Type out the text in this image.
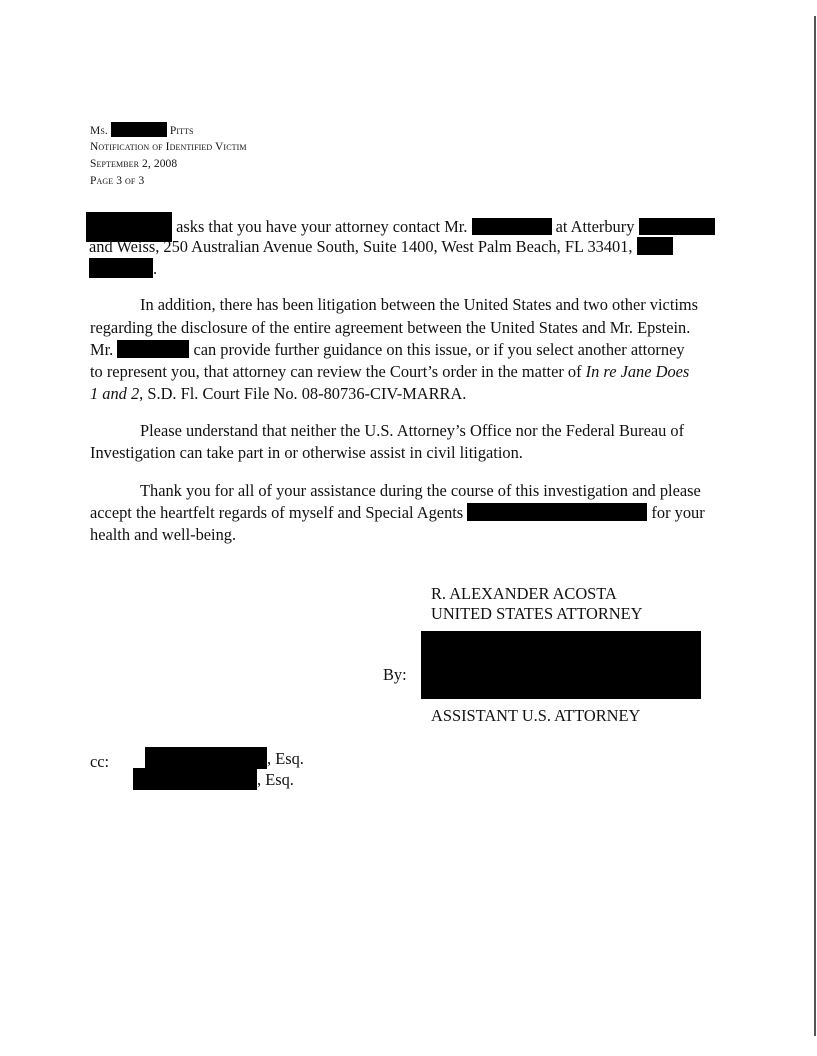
Ms.	Pitts
Notification of Identified Victim
September 2, 2008
Page 3 of 3
asks that you have your attorney contact Mr.	at Atterbury
and Weiss, 250 Australian Avenue South, Suite 1400, West Palm Beach, FL 33401,
.
In addition, there has been litigation between the United States and two other victims
regarding the disclosure of the entire agreement between the United States and Mr. Epstein.
Mr.	can provide further guidance on this issue, or if you select another attorney
to represent you, that attorney can review the Court’s order in the matter of In re Jane Does
1 and 2, S.D. Fl. Court File No. 08-80736-CIV-MARRA.
Please understand that neither the U.S. Attorney’s Office nor the Federal Bureau of
Investigation can take part in or otherwise assist in civil litigation.
Thank you for all of your assistance during the course of this investigation and please
accept the heartfelt regards of myself and Special Agents	for your
health and well-being.
R. ALEXANDER ACOSTA
UNITED STATES ATTORNEY
By:
ASSISTANT U.S. ATTORNEY
cc:	, Esq.
, Esq.
